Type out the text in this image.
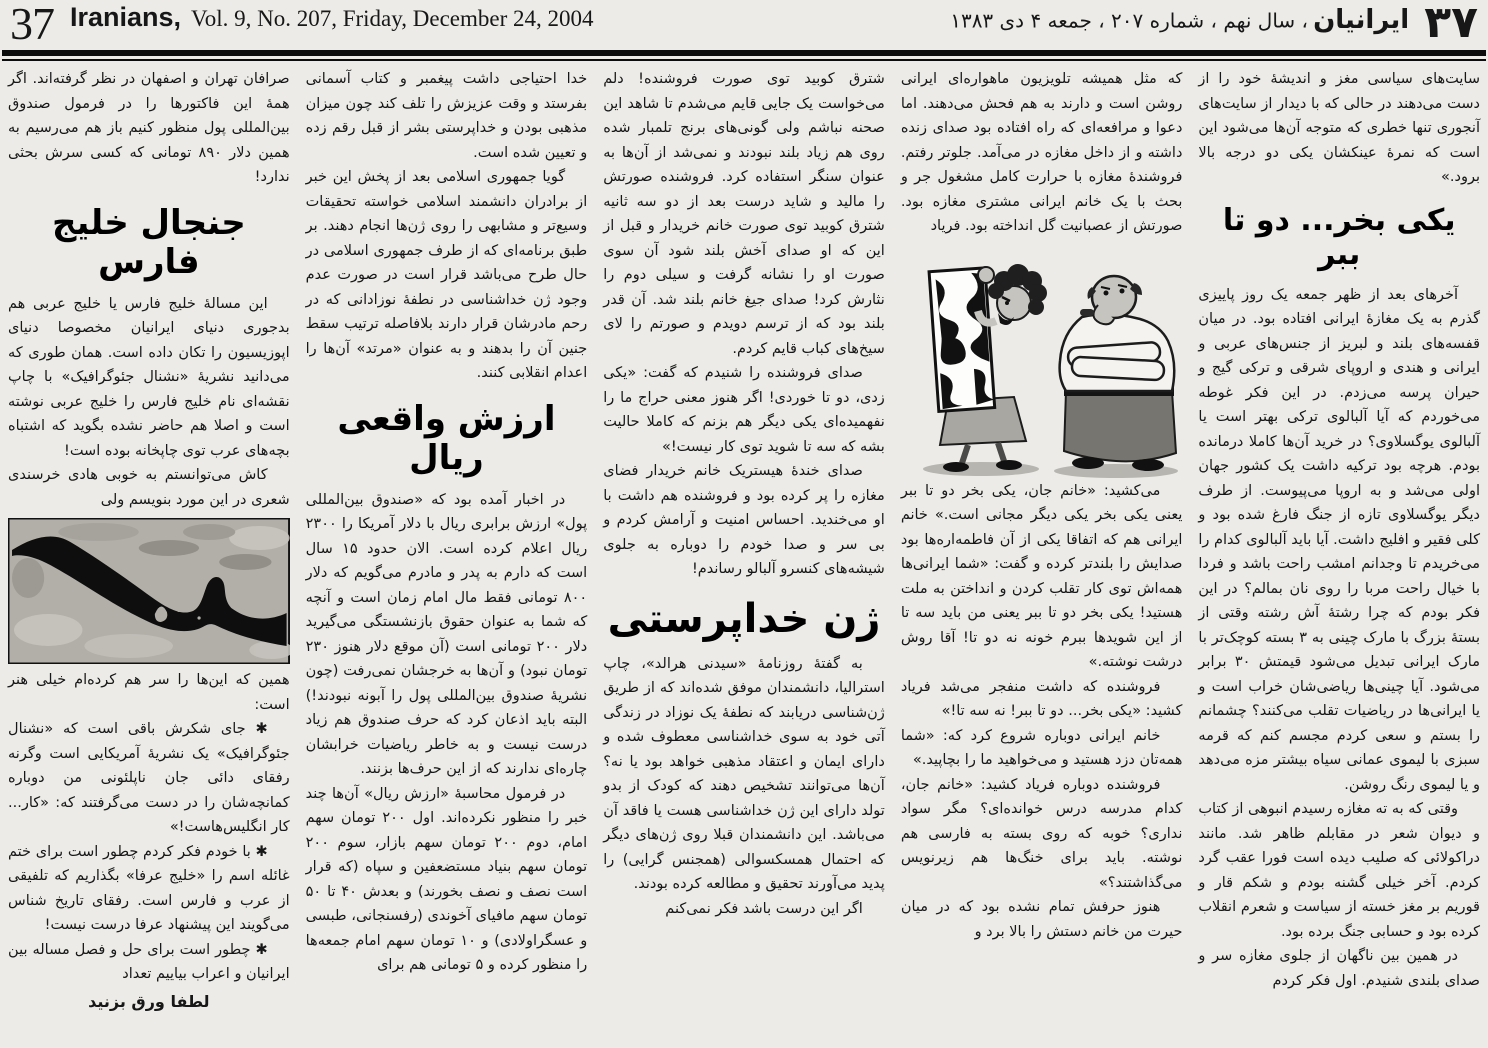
37 Iranians, Vol. 9, No. 207, Friday, December 24, 2004	۳۷ ایرانیان ، سال نهم ، شماره ۲۰۷ ، جمعه ۴ دی ۱۳۸۳

سایت‌های سیاسی مغز و اندیشهٔ خود را از دست می‌دهند در حالی که با دیدار از سایت‌های آنجوری تنها خطری که متوجه آن‌ها می‌شود این است که نمرهٔ عینکشان یکی دو درجه بالا برود.»

یکی بخر... دو تا ببر

آخرهای بعد از ظهر جمعه یک روز پاییزی گذرم به یک مغازهٔ ایرانی افتاده بود. در میان قفسه‌های بلند و لبریز از جنس‌های عربی و ایرانی و هندی و اروپای شرقی و ترکی گیج و حیران پرسه می‌زدم. در این فکر غوطه می‌خوردم که آیا آلبالوی ترکی بهتر است یا آلبالوی یوگسلاوی؟ در خرید آن‌ها کاملا درمانده بودم. هرچه بود ترکیه داشت یک کشور جهان اولی می‌شد و به اروپا می‌پیوست. از طرف دیگر یوگسلاوی تازه از جنگ فارغ شده بود و کلی فقیر و افلیج داشت. آیا باید آلبالوی کدام را می‌خریدم تا وجدانم امشب راحت باشد و فردا با خیال راحت مربا را روی نان بمالم؟ در این فکر بودم که چرا رشتهٔ آش رشته وقتی از بستهٔ بزرگ با مارک چینی به ۳ بسته کوچک‌تر با مارک ایرانی تبدیل می‌شود قیمتش ۳۰ برابر می‌شود. آیا چینی‌ها ریاضی‌شان خراب است و یا ایرانی‌ها در ریاضیات تقلب می‌کنند؟ چشمانم را بستم و سعی کردم مجسم کنم که قرمه سبزی با لیموی عمانی سیاه بیشتر مزه می‌دهد و یا لیموی رنگ روشن.

وقتی که به ته مغازه رسیدم انبوهی از کتاب و دیوان شعر در مقابلم ظاهر شد. مانند دراکولائی که صلیب دیده است فورا عقب گرد کردم. آخر خیلی گشنه بودم و شکم قار و قوریم بر مغز خسته از سیاست و شعرم انقلاب کرده بود و حسابی جنگ برده بود.

در همین بین ناگهان از جلوی مغازه سر و صدای بلندی شنیدم. اول فکر کردم

که مثل همیشه تلویزیون ماهواره‌ای ایرانی روشن است و دارند به هم فحش می‌دهند. اما دعوا و مرافعه‌ای که راه افتاده بود صدای زنده داشته و از داخل مغازه در می‌آمد. جلوتر رفتم. فروشندهٔ مغازه با حرارت کامل مشغول جر و بحث با یک خانم ایرانی مشتری مغازه بود. صورتش از عصبانیت گل انداخته بود. فریاد

می‌کشید: «خانم جان، یکی بخر دو تا ببر یعنی یکی بخر یکی دیگر مجانی است.» خانم ایرانی هم که اتفاقا یکی از آن فاطمه‌اره‌ها بود صدایش را بلندتر کرده و گفت: «شما ایرانی‌ها همه‌اش توی کار تقلب کردن و انداختن به ملت هستید! یکی بخر دو تا ببر یعنی من باید سه تا از این شویدها ببرم خونه نه دو تا! آقا روش درشت نوشته.»

فروشنده که داشت منفجر می‌شد فریاد کشید: «یکی بخر... دو تا ببر! نه سه تا!»

خانم ایرانی دوباره شروع کرد که: «شما همه‌تان دزد هستید و می‌خواهید ما را بچاپید.»

فروشنده دوباره فریاد کشید: «خانم جان، کدام مدرسه درس خوانده‌ای؟ مگر سواد نداری؟ خوبه که روی بسته به فارسی هم نوشته. باید برای خنگ‌ها هم زیرنویس می‌گذاشتند؟»

هنوز حرفش تمام نشده بود که در میان حیرت من خانم دستش را بالا برد و

شترق کوبید توی صورت فروشنده! دلم می‌خواست یک جایی قایم می‌شدم تا شاهد این صحنه نباشم ولی گونی‌های برنج تلمبار شده روی هم زیاد بلند نبودند و نمی‌شد از آن‌ها به عنوان سنگر استفاده کرد. فروشنده صورتش را مالید و شاید درست بعد از دو سه ثانیه شترق کوبید توی صورت خانم خریدار و قبل از این که او صدای آخش بلند شود آن سوی صورت او را نشانه گرفت و سیلی دوم را نثارش کرد! صدای جیغ خانم بلند شد. آن قدر بلند بود که از ترسم دویدم و صورتم را لای سیخ‌های کباب قایم کردم.

صدای فروشنده را شنیدم که گفت: «یکی زدی، دو تا خوردی! اگر هنوز معنی حراج ما را نفهمیده‌ای یکی دیگر هم بزنم که کاملا حالیت بشه که سه تا شوید توی کار نیست!»

صدای خندهٔ هیستریک خانم خریدار فضای مغازه را پر کرده بود و فروشنده هم داشت با او می‌خندید. احساس امنیت و آرامش کردم و بی سر و صدا خودم را دوباره به جلوی شیشه‌های کنسرو آلبالو رساندم!

ژن خداپرستی

به گفتهٔ روزنامهٔ «سیدنی هرالد»، چاپ استرالیا، دانشمندان موفق شده‌اند که از طریق ژن‌شناسی دریابند که نطفهٔ یک نوزاد در زندگی آتی خود به سوی خداشناسی معطوف شده و دارای ایمان و اعتقاد مذهبی خواهد بود یا نه؟ آن‌ها می‌توانند تشخیص دهند که کودک از بدو تولد دارای این ژن خداشناسی هست یا فاقد آن می‌باشد. این دانشمندان قبلا روی ژن‌های دیگر که احتمال همسکسوالی (همجنس گرایی) را پدید می‌آورند تحقیق و مطالعه کرده بودند.

اگر این درست باشد فکر نمی‌کنم

خدا احتیاجی داشت پیغمبر و کتاب آسمانی بفرستد و وقت عزیزش را تلف کند چون میزان مذهبی بودن و خداپرستی بشر از قبل رقم زده و تعیین شده است.

گویا جمهوری اسلامی بعد از پخش این خبر از برادران دانشمند اسلامی خواسته تحقیقات وسیع‌تر و مشابهی را روی ژن‌ها انجام دهند. بر طبق برنامه‌ای که از طرف جمهوری اسلامی در حال طرح می‌باشد قرار است در صورت عدم وجود ژن خداشناسی در نطفهٔ نوزادانی که در رحم مادرشان قرار دارند بلافاصله ترتیب سقط جنین آن را بدهند و به عنوان «مرتد» آن‌ها را اعدام انقلابی کنند.

ارزش واقعی ریال

در اخبار آمده بود که «صندوق بین‌المللی پول» ارزش برابری ریال با دلار آمریکا را ۲۳۰۰ ریال اعلام کرده است. الان حدود ۱۵ سال است که دارم به پدر و مادرم می‌گویم که دلار ۸۰۰ تومانی فقط مال امام زمان است و آنچه که شما به عنوان حقوق بازنشستگی می‌گیرید دلار ۲۰۰ تومانی است (آن موقع دلار هنوز ۲۳۰ تومان نبود) و آن‌ها به خرجشان نمی‌رفت (چون نشریهٔ صندوق بین‌المللی پول را آبونه نبودند!) البته باید اذعان کرد که حرف صندوق هم زیاد درست نیست و به خاطر ریاضیات خرابشان چاره‌ای ندارند که از این حرف‌ها بزنند.

در فرمول محاسبهٔ «ارزش ریال» آن‌ها چند خبر را منظور نکرده‌اند. اول ۲۰۰ تومان سهم امام، دوم ۲۰۰ تومان سهم بازار، سوم ۲۰۰ تومان سهم بنیاد مستضعفین و سپاه (که قرار است نصف و نصف بخورند) و بعدش ۴۰ تا ۵۰ تومان سهم مافیای آخوندی (رفسنجانی، طبسی و عسگراولادی) و ۱۰ تومان سهم امام جمعه‌ها را منظور کرده و ۵ تومانی هم برای

صرافان تهران و اصفهان در نظر گرفته‌اند. اگر همهٔ این فاکتورها را در فرمول صندوق بین‌المللی پول منظور کنیم باز هم می‌رسیم به همین دلار ۸۹۰ تومانی که کسی سرش بحثی ندارد!

جنجال خلیج فارس

این مسالهٔ خلیج فارس یا خلیج عربی هم بدجوری دنیای ایرانیان مخصوصا دنیای اپوزیسیون را تکان داده است. همان طوری که می‌دانید نشریهٔ «نشنال جئوگرافیک» با چاپ نقشه‌ای نام خلیج فارس را خلیج عربی نوشته است و اصلا هم حاضر نشده بگوید که اشتباه بچه‌های عرب توی چاپخانه بوده است!

کاش می‌توانستم به خوبی هادی خرسندی شعری در این مورد بنویسم ولی

همین که این‌ها را سر هم کرده‌ام خیلی هنر است:

✱ جای شکرش باقی است که «نشنال جئوگرافیک» یک نشریهٔ آمریکایی است وگرنه رفقای دائی جان ناپلئونی من دوباره کمانچه‌شان را در دست می‌گرفتند که: «کار... کار انگلیس‌هاست!»

✱ با خودم فکر کردم چطور است برای ختم غائله اسم را «خلیج عرفا» بگذاریم که تلفیقی از عرب و فارس است. رفقای تاریخ شناس می‌گویند این پیشنهاد عرفا درست نیست!

✱ چطور است برای حل و فصل مساله بین ایرانیان و اعراب بیاییم تعداد

لطفا ورق بزنید
